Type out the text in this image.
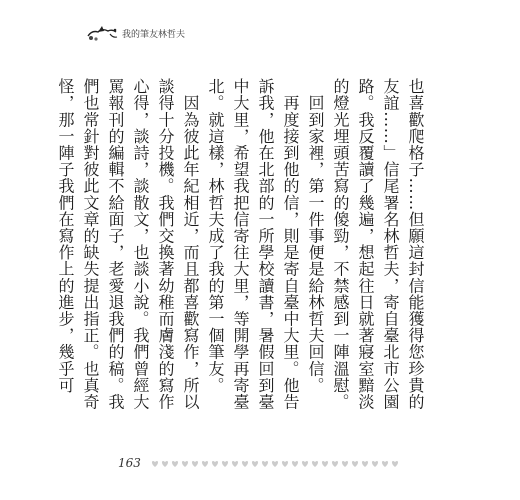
我的筆友林哲夫

也喜歡爬格子……但願這封信能獲得您珍貴的友誼……」信尾署名林哲夫，寄自臺北市公園路。我反覆讀了幾遍，想起往日就著寢室黯淡的燈光埋頭苦寫的傻勁，不禁感到一陣溫慰。

　回到家裡，第一件事便是給林哲夫回信。

　再度接到他的信，則是寄自臺中大里。他告訴我，他在北部的一所學校讀書，暑假回到臺中大里，希望我把信寄往大里，等開學再寄臺北。就這樣，林哲夫成了我的第一個筆友。

　因為彼此年紀相近，而且都喜歡寫作，所以談得十分投機。我們交換著幼稚而膚淺的寫作心得，談詩，談散文，也談小說。我們曾經大罵報刊的編輯不給面子，老愛退我們的稿。我們也常針對彼此文章的缺失提出指正。也真奇怪，那一陣子我們在寫作上的進步，幾乎可

163
